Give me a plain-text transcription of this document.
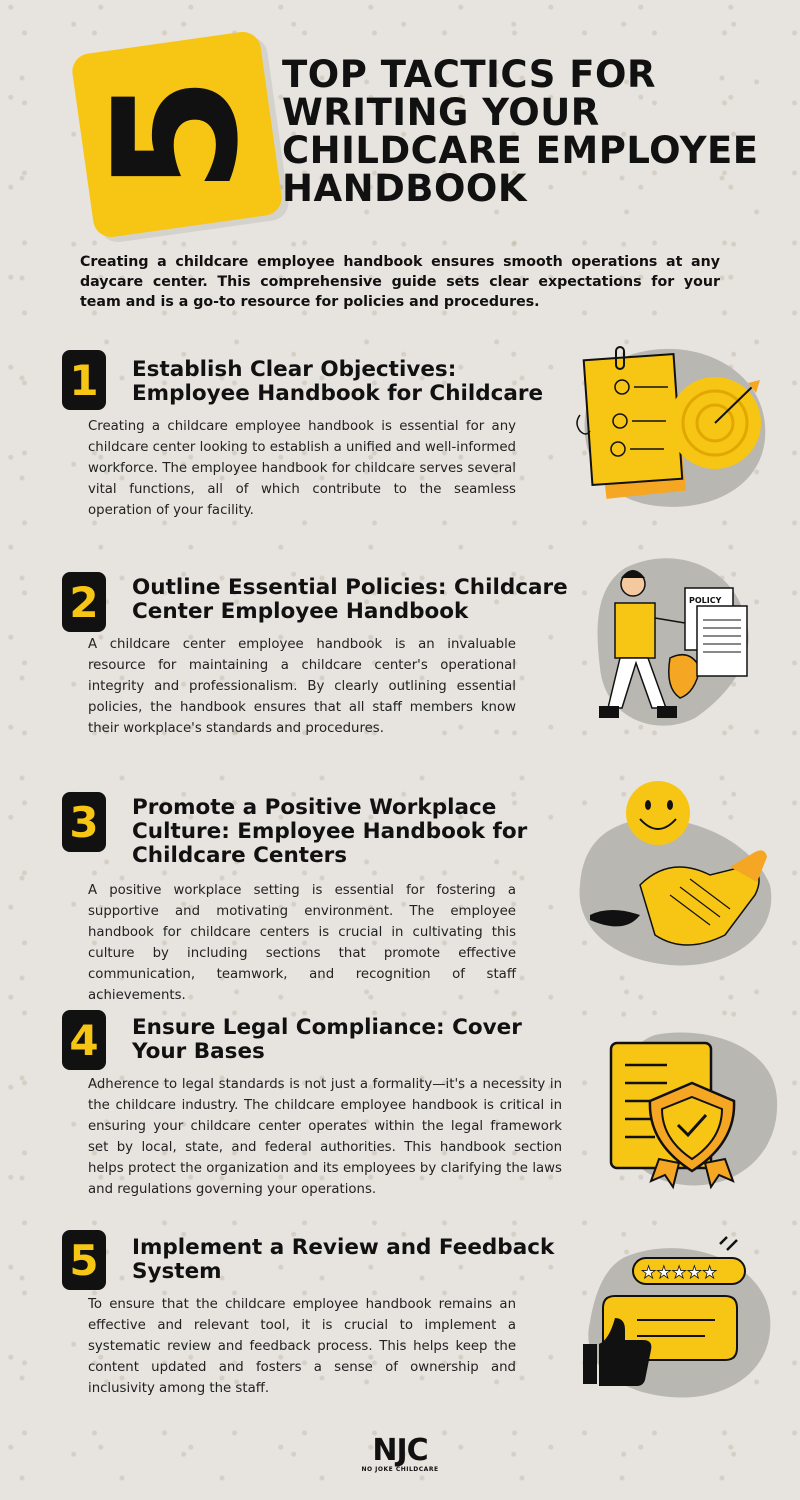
5
TOP TACTICS FOR WRITING YOUR CHILDCARE EMPLOYEE HANDBOOK

Creating a childcare employee handbook ensures smooth operations at any daycare center. This comprehensive guide sets clear expectations for your team and is a go-to resource for policies and procedures.

1 Establish Clear Objectives: Employee Handbook for Childcare

Creating a childcare employee handbook is essential for any childcare center looking to establish a unified and well-informed workforce. The employee handbook for childcare serves several vital functions, all of which contribute to the seamless operation of your facility.

2 Outline Essential Policies: Childcare Center Employee Handbook

A childcare center employee handbook is an invaluable resource for maintaining a childcare center's operational integrity and professionalism. By clearly outlining essential policies, the handbook ensures that all staff members know their workplace's standards and procedures.

POLICY
3 Promote a Positive Workplace Culture: Employee Handbook for Childcare Centers

A positive workplace setting is essential for fostering a supportive and motivating environment. The employee handbook for childcare centers is crucial in cultivating this culture by including sections that promote effective communication, teamwork, and recognition of staff achievements.

4 Ensure Legal Compliance: Cover Your Bases

Adherence to legal standards is not just a formality—it's a necessity in the childcare industry. The childcare employee handbook is critical in ensuring your childcare center operates within the legal framework set by local, state, and federal authorities. This handbook section helps protect the organization and its employees by clarifying the laws and regulations governing your operations.

5 Implement a Review and Feedback System

To ensure that the childcare employee handbook remains an effective and relevant tool, it is crucial to implement a systematic review and feedback process. This helps keep the content updated and fosters a sense of ownership and inclusivity among the staff.

★★★★★
NJC
NO JOKE CHILDCARE
